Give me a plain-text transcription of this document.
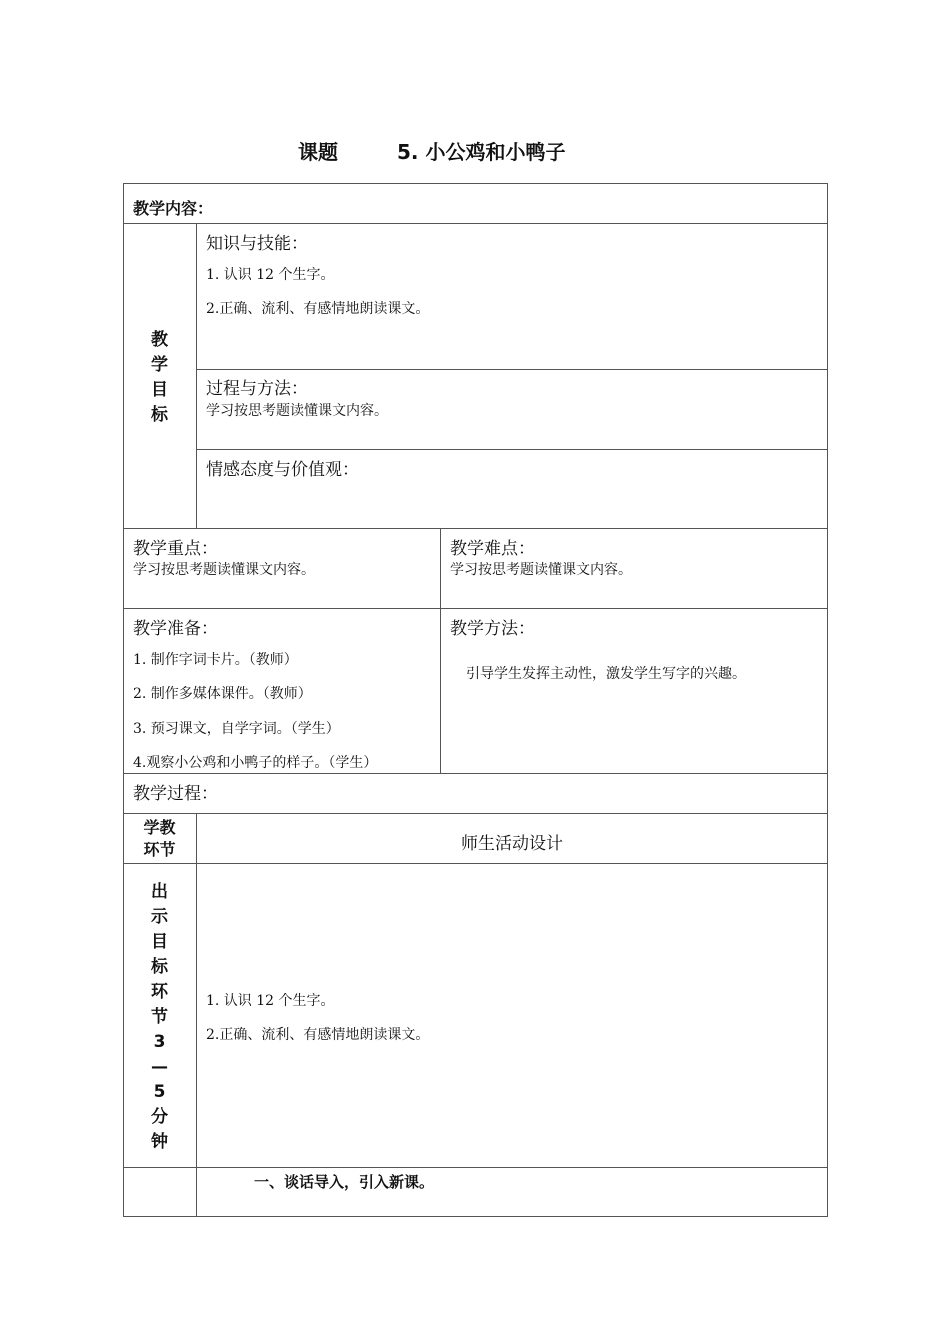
课题	5. 小公鸡和小鸭子
教学内容：
教
学
目
标
知识与技能：
1. 认识 12 个生字。
2.正确、流利、有感情地朗读课文。
过程与方法：
学习按思考题读懂课文内容。
情感态度与价值观：
教学重点：
学习按思考题读懂课文内容。
教学难点：
学习按思考题读懂课文内容。
教学准备：
1. 制作字词卡片。（教师）
2. 制作多媒体课件。（教师）
3. 预习课文，自学字词。（学生）
4.观察小公鸡和小鸭子的样子。（学生）
教学方法：
引导学生发挥主动性，激发学生写字的兴趣。
教学过程：
学教
环节	师生活动设计
出
示
目
标
环
节
3
—
5
分
钟
1. 认识 12 个生字。
2.正确、流利、有感情地朗读课文。
一、谈话导入，引入新课。
